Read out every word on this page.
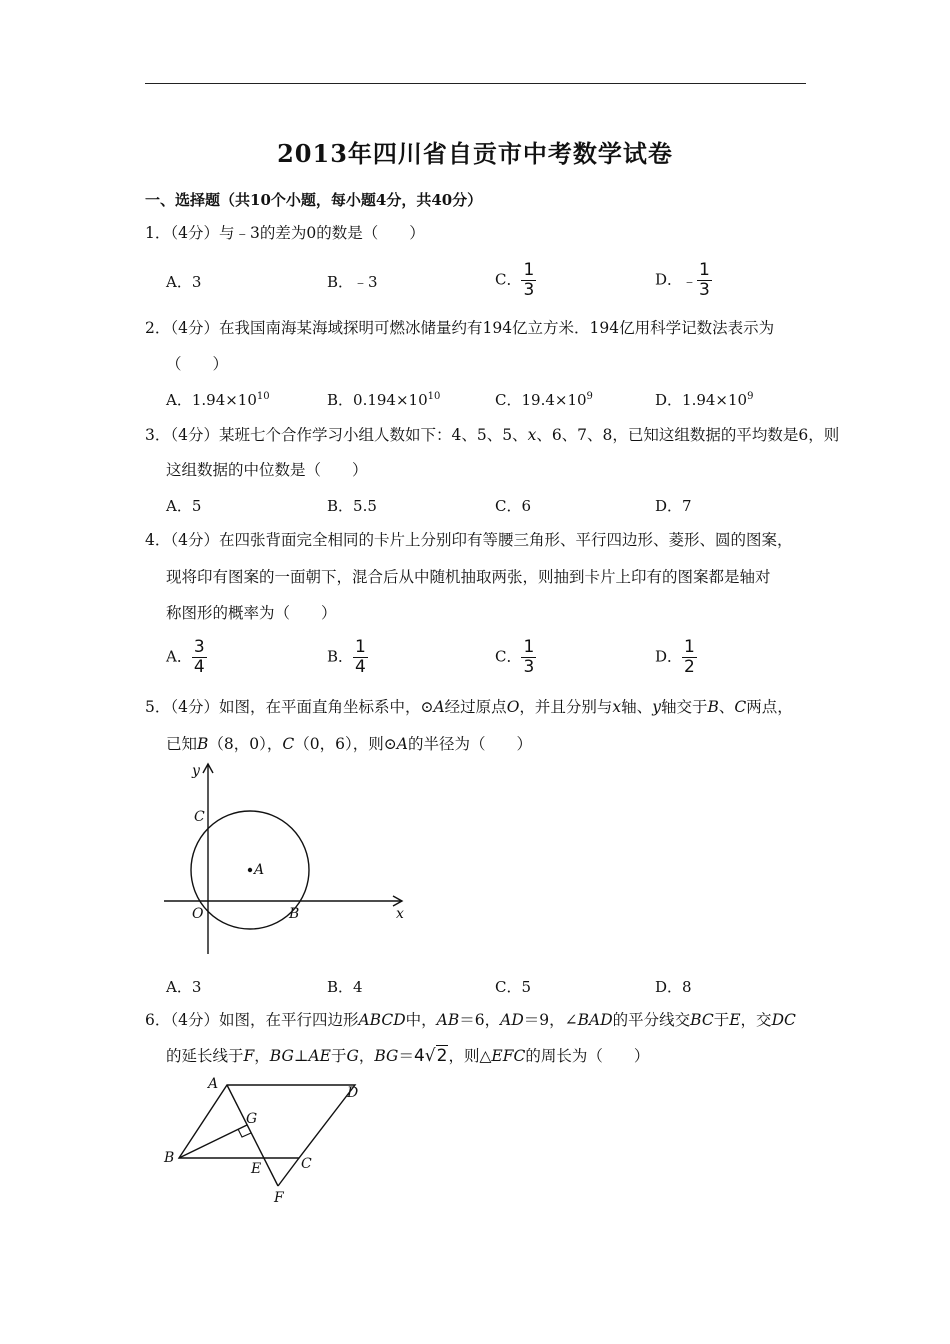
2013年四川省自贡市中考数学试卷
一、选择题（共10个小题，每小题4分，共40分）
1．（4分）与﹣3的差为0的数是（　　）
A．3	B．﹣3	C． $\frac{1}{3}$	D．﹣ $\frac{1}{3}$
2．（4分）在我国南海某海域探明可燃冰储量约有194亿立方米．194亿用科学记数法表示为
（　　）
A．$1.94\times 10^{10}$	B．$0.194\times 10^{10}$	C．$19.4\times 10^9$	D．$1.94\times 10^9$
3．（4分）某班七个合作学习小组人数如下：4、5、5、x、6、7、8，已知这组数据的平均数是6，则
这组数据的中位数是（　　）
A．5	B．5.5	C．6	D．7
4．（4分）在四张背面完全相同的卡片上分别印有等腰三角形、平行四边形、菱形、圆的图案，
现将印有图案的一面朝下，混合后从中随机抽取两张，则抽到卡片上印有的图案都是轴对
称图形的概率为（　　）
A． $\frac{3}{4}$	B． $\frac{1}{4}$	C． $\frac{1}{3}$	D． $\frac{1}{2}$
5．（4分）如图，在平面直角坐标系中，⊙A经过原点O，并且分别与x轴、y轴交于B、C两点，
已知B（8，0），C（0，6），则⊙A的半径为（　　）
y
x
C
A
O	B
A．3	B．4	C．5	D．8
6．（4分）如图，在平行四边形ABCD中，AB＝6，AD＝9，∠BAD的平分线交BC于E，交DC
的延长线于F，BG⊥AE于G，BG＝4√2，则△EFC的周长为（　　）
A
D
G
B
E	C
F
